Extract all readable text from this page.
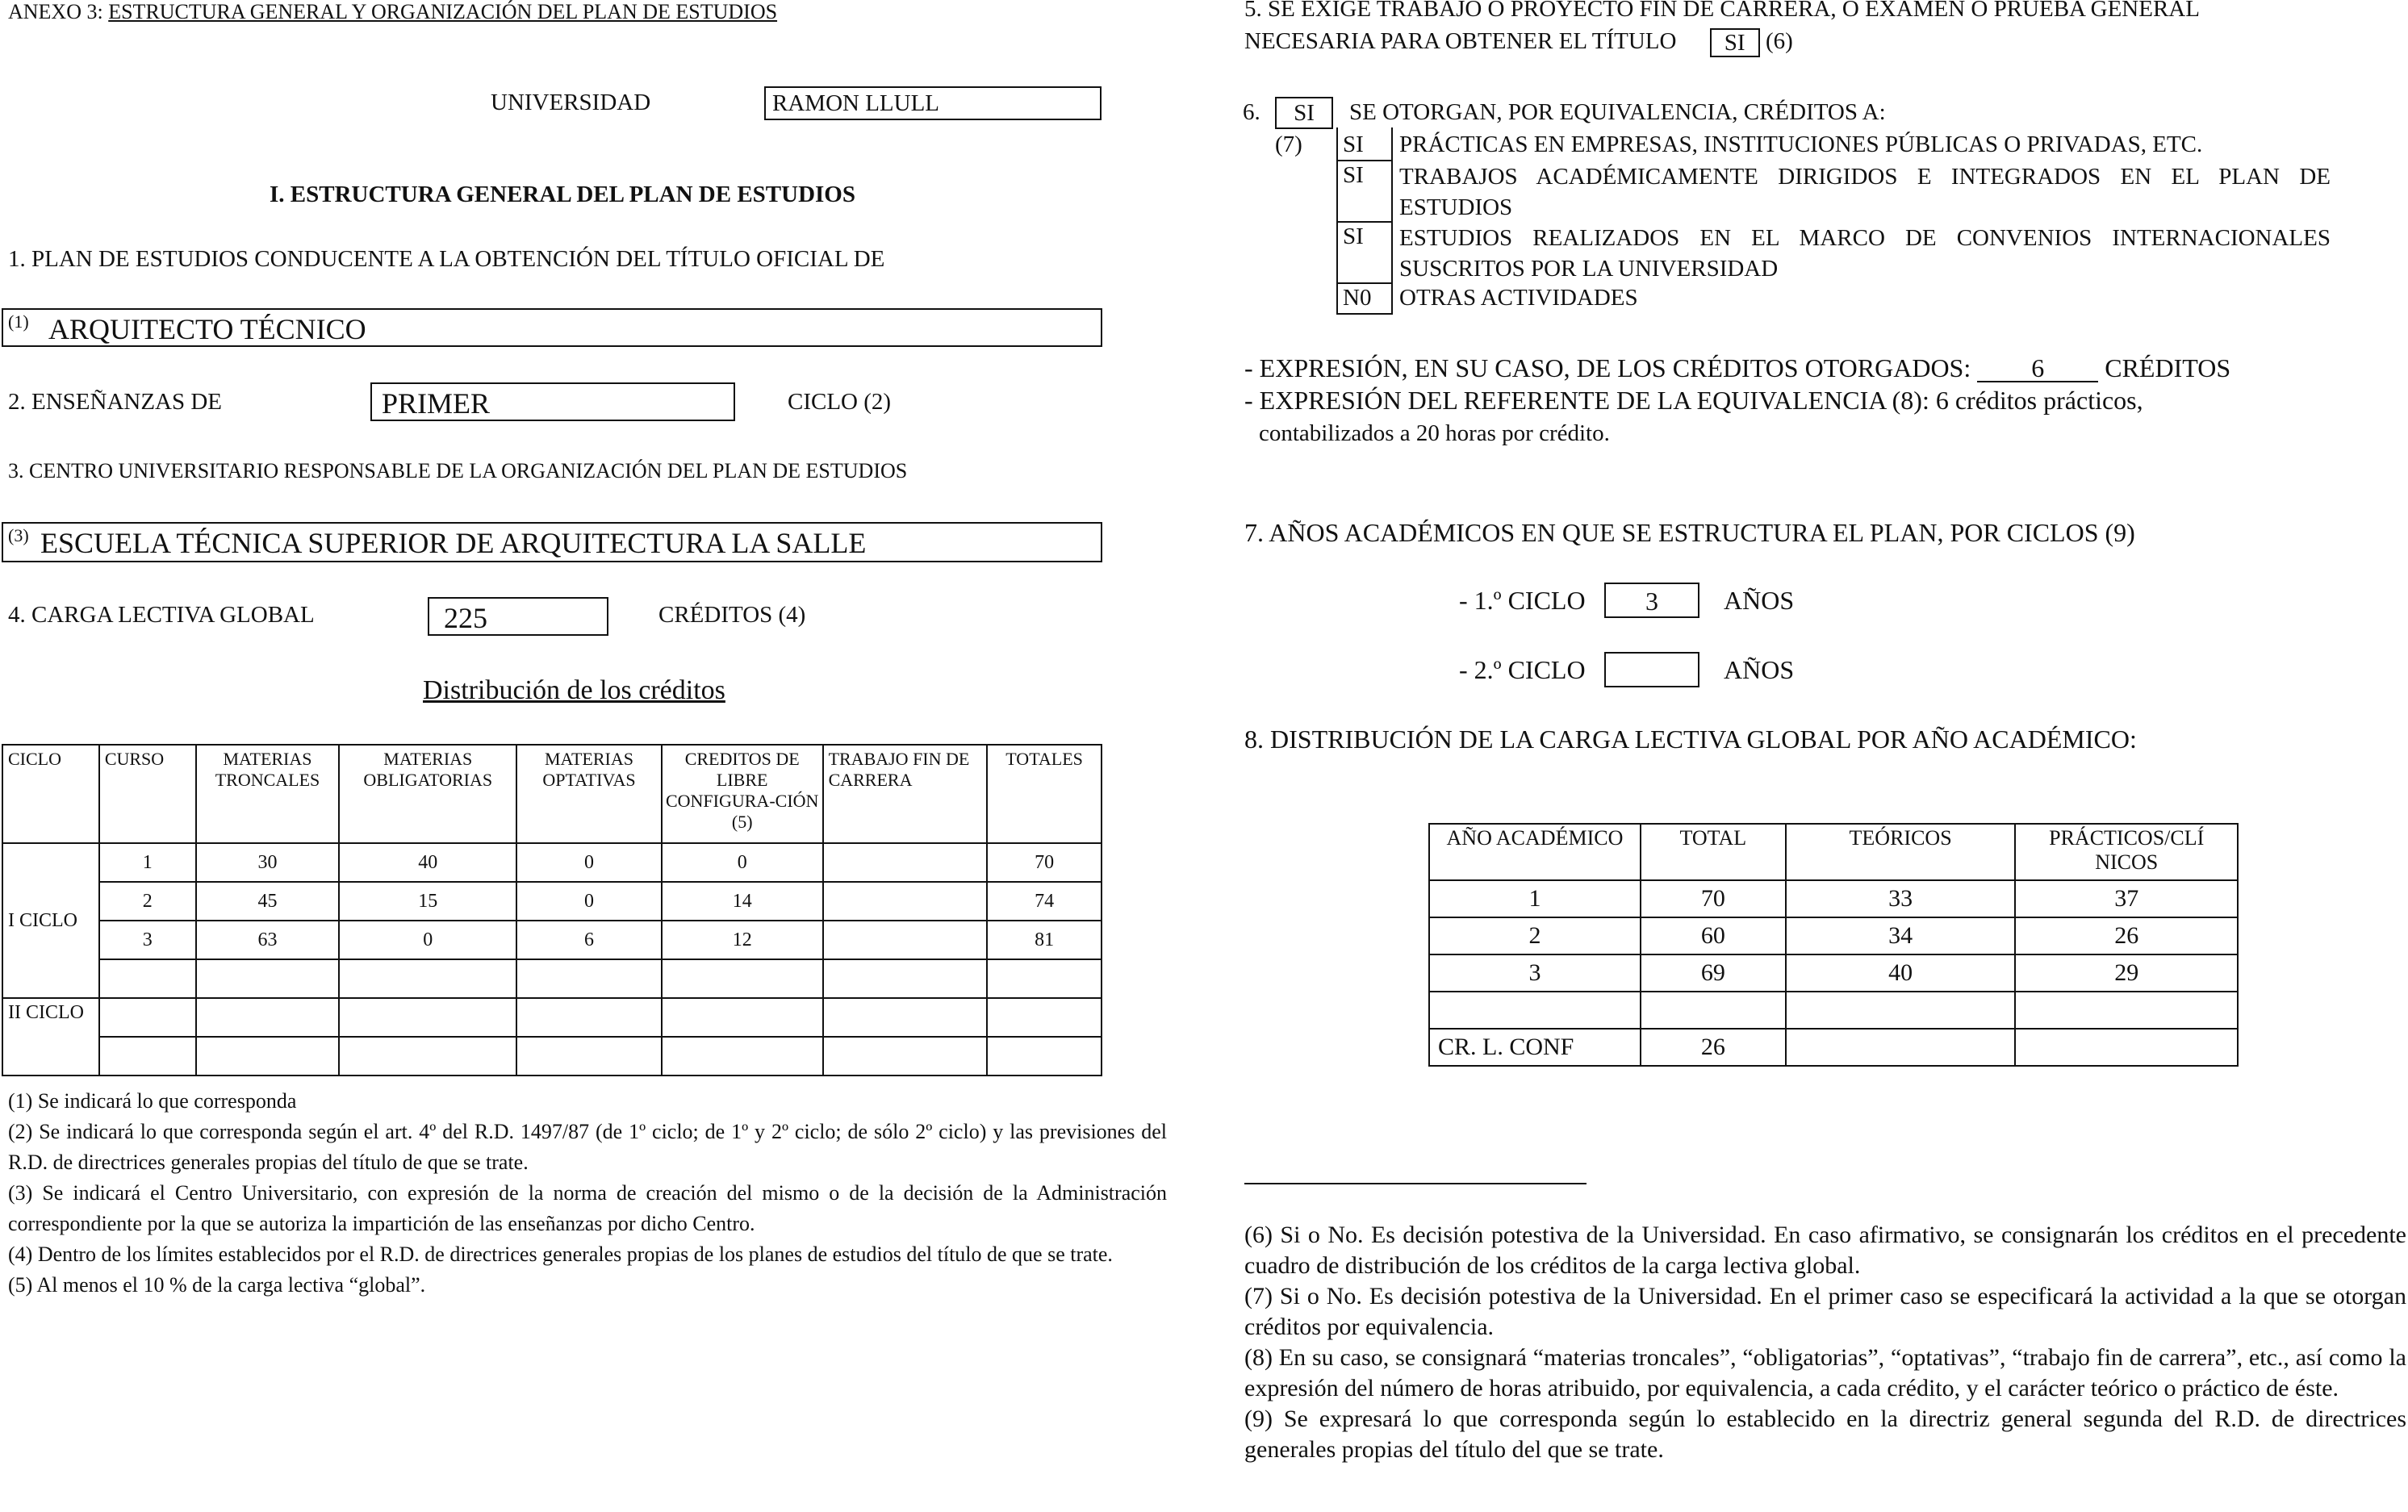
ANEXO 3: ESTRUCTURA GENERAL Y ORGANIZACIÓN DEL PLAN DE ESTUDIOS
UNIVERSIDAD	RAMON LLULL
I. ESTRUCTURA GENERAL DEL PLAN DE ESTUDIOS
1. PLAN DE ESTUDIOS CONDUCENTE A LA OBTENCIÓN DEL TÍTULO OFICIAL DE
(1) ARQUITECTO TÉCNICO
2. ENSEÑANZAS DE	PRIMER	CICLO (2)
3. CENTRO UNIVERSITARIO RESPONSABLE DE LA ORGANIZACIÓN DEL PLAN DE ESTUDIOS
(3) ESCUELA TÉCNICA SUPERIOR DE ARQUITECTURA LA SALLE
4. CARGA LECTIVA GLOBAL	225	CRÉDITOS (4)
Distribución de los créditos
CICLO	CURSO	MATERIAS TRONCALES	MATERIAS OBLIGATORIAS	MATERIAS OPTATIVAS	CREDITOS DE LIBRE CONFIGURA-CIÓN (5)	TRABAJO FIN DE CARRERA	TOTALES
I CICLO	1	30	40	0	0		70
	2	45	15	0	14		74
	3	63	0	6	12		81

II CICLO							

(1) Se indicará lo que corresponda

(2) Se indicará lo que corresponda según el art. 4º del R.D. 1497/87 (de 1º ciclo; de 1º y 2º ciclo; de sólo 2º ciclo) y las previsiones del R.D. de directrices generales propias del título de que se trate.

(3) Se indicará el Centro Universitario, con expresión de la norma de creación del mismo o de la decisión de la Administración correspondiente por la que se autoriza la impartición de las enseñanzas por dicho Centro.

(4) Dentro de los límites establecidos por el R.D. de directrices generales propias de los planes de estudios del título de que se trate.

(5) Al menos el 10 % de la carga lectiva “global”.

5. SE EXIGE TRABAJO O PROYECTO FIN DE CARRERA, O EXAMEN O PRUEBA GENERAL
NECESARIA PARA OBTENER EL TÍTULO SI (6)
6.	SI	SE OTORGAN, POR EQUIVALENCIA, CRÉDITOS A:
(7) SI PRÁCTICAS EN EMPRESAS, INSTITUCIONES PÚBLICAS O PRIVADAS, ETC.
SI TRABAJOS ACADÉMICAMENTE DIRIGIDOS E INTEGRADOS EN EL PLAN DE ESTUDIOS
SI ESTUDIOS REALIZADOS EN EL MARCO DE CONVENIOS INTERNACIONALES SUSCRITOS POR LA UNIVERSIDAD
N0 OTRAS ACTIVIDADES
- EXPRESIÓN, EN SU CASO, DE LOS CRÉDITOS OTORGADOS: 6 CRÉDITOS
- EXPRESIÓN DEL REFERENTE DE LA EQUIVALENCIA (8): 6 créditos prácticos,
contabilizados a 20 horas por crédito.
7. AÑOS ACADÉMICOS EN QUE SE ESTRUCTURA EL PLAN, POR CICLOS (9)
- 1.º CICLO	3	AÑOS
- 2.º CICLO	AÑOS
8. DISTRIBUCIÓN DE LA CARGA LECTIVA GLOBAL POR AÑO ACADÉMICO:
AÑO ACADÉMICO	TOTAL	TEÓRICOS	PRÁCTICOS/CLÍ NICOS
1	70	33	37
2	60	34	26
3	69	40	29

CR. L. CONF	26		

(6) Si o No. Es decisión potestiva de la Universidad. En caso afirmativo, se consignarán los créditos en el precedente cuadro de distribución de los créditos de la carga lectiva global.

(7) Si o No. Es decisión potestiva de la Universidad. En el primer caso se especificará la actividad a la que se otorgan créditos por equivalencia.

(8) En su caso, se consignará “materias troncales”, “obligatorias”, “optativas”, “trabajo fin de carrera”, etc., así como la expresión del número de horas atribuido, por equivalencia, a cada crédito, y el carácter teórico o práctico de éste.

(9) Se expresará lo que corresponda según lo establecido en la directriz general segunda del R.D. de directrices generales propias del título del que se trate.
